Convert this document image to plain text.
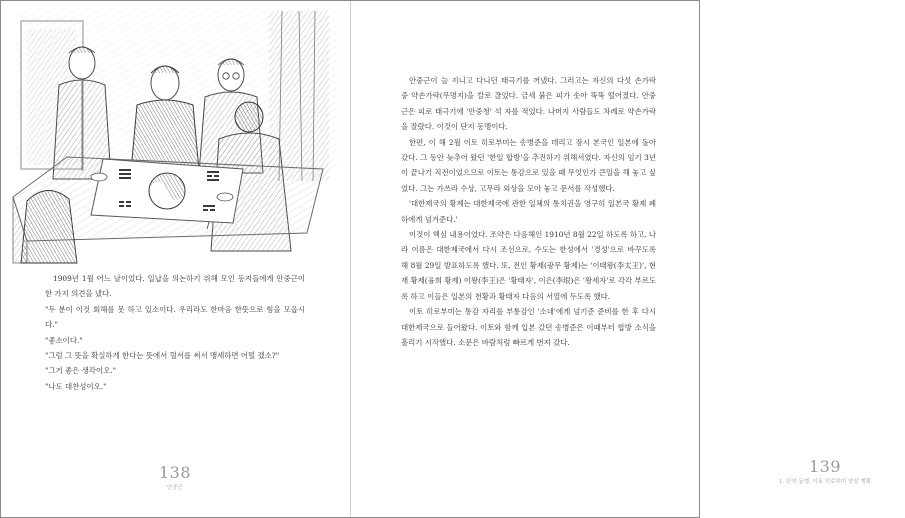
1909년 1월 어느 날이었다. 일납을 의논하기 위해 모인 동지들에게 안중근이 한 가지 의견을 냈다.

"두 분이 이것 회해를 못 하고 있소이다. 우리라도 한마음 한뜻으로 힘을 모읍시다."

"좋소이다."

"그럼 그 뜻을 확실하게 한다는 뜻에서 혈서를 써서 맹세하면 어떨 겠소?"

"그거 좋은 생각이오."

"나도 대찬성이오."

138
안중근

안중근이 늘 지니고 다니던 태극기를 꺼냈다. 그러고는 자신의 다섯 손가락 중 약손가락(무명지)을 칼로 끊었다. 금세 붉은 피가 솟아 뚝뚝 떨어졌다. 안중근은 피로 태극기에 '안중청' 석 자를 적었다. 나머지 사람들도 차례로 약손가락을 잘랐다. 이것이 단지 동맹이다.

한편, 이 해 2월 이토 히로부미는 송병준을 데리고 잠시 본국인 일본에 돌아갔다. 그 동안 늦추어 왔던 '한일 합방'을 추진하기 위해서였다. 자신의 임기 3년이 끝나기 직전이었으므로 이토는 통감으로 있을 때 무엇인가 큰일을 해 놓고 싶었다. 그는 가쓰라 수상, 고무라 외상을 모아 놓고 문서를 작성했다.

'대한제국의 황제는 대한제국에 관한 일체의 통치권을 영구히 일본국 황제 폐하에게 넘겨준다.'

이것이 핵심 내용이었다. 조약은 다음해인 1910년 8월 22일 하도록 하고, 나라 이름은 대한제국에서 다시 조선으로, 수도는 한성에서 '경성'으로 바꾸도록 해 8월 29일 발표하도록 했다. 또, 전인 황제(광무 황제)는 '이태왕(李太王)', 현재 황제(융희 황제) 이왕(李王)은 '황태자', 이은(李垠)은 '왕세자'로 각각 부르도록 하고 이들은 일본의 천황과 황태자 다음의 서열에 두도록 했다.

이토 히로부미는 통감 자리를 부통감인 '소네'에게 넘기준 준비를 한 후 다시 대한제국으로 들어왔다. 이토와 함께 입본 갔던 송병준은 이때부터 합방 소식을 흘리기 시작했다. 소문은 바람처럼 빠르게 번져 갔다.

139
1. 단지 동맹, 이토 히로부미 암살 계획
